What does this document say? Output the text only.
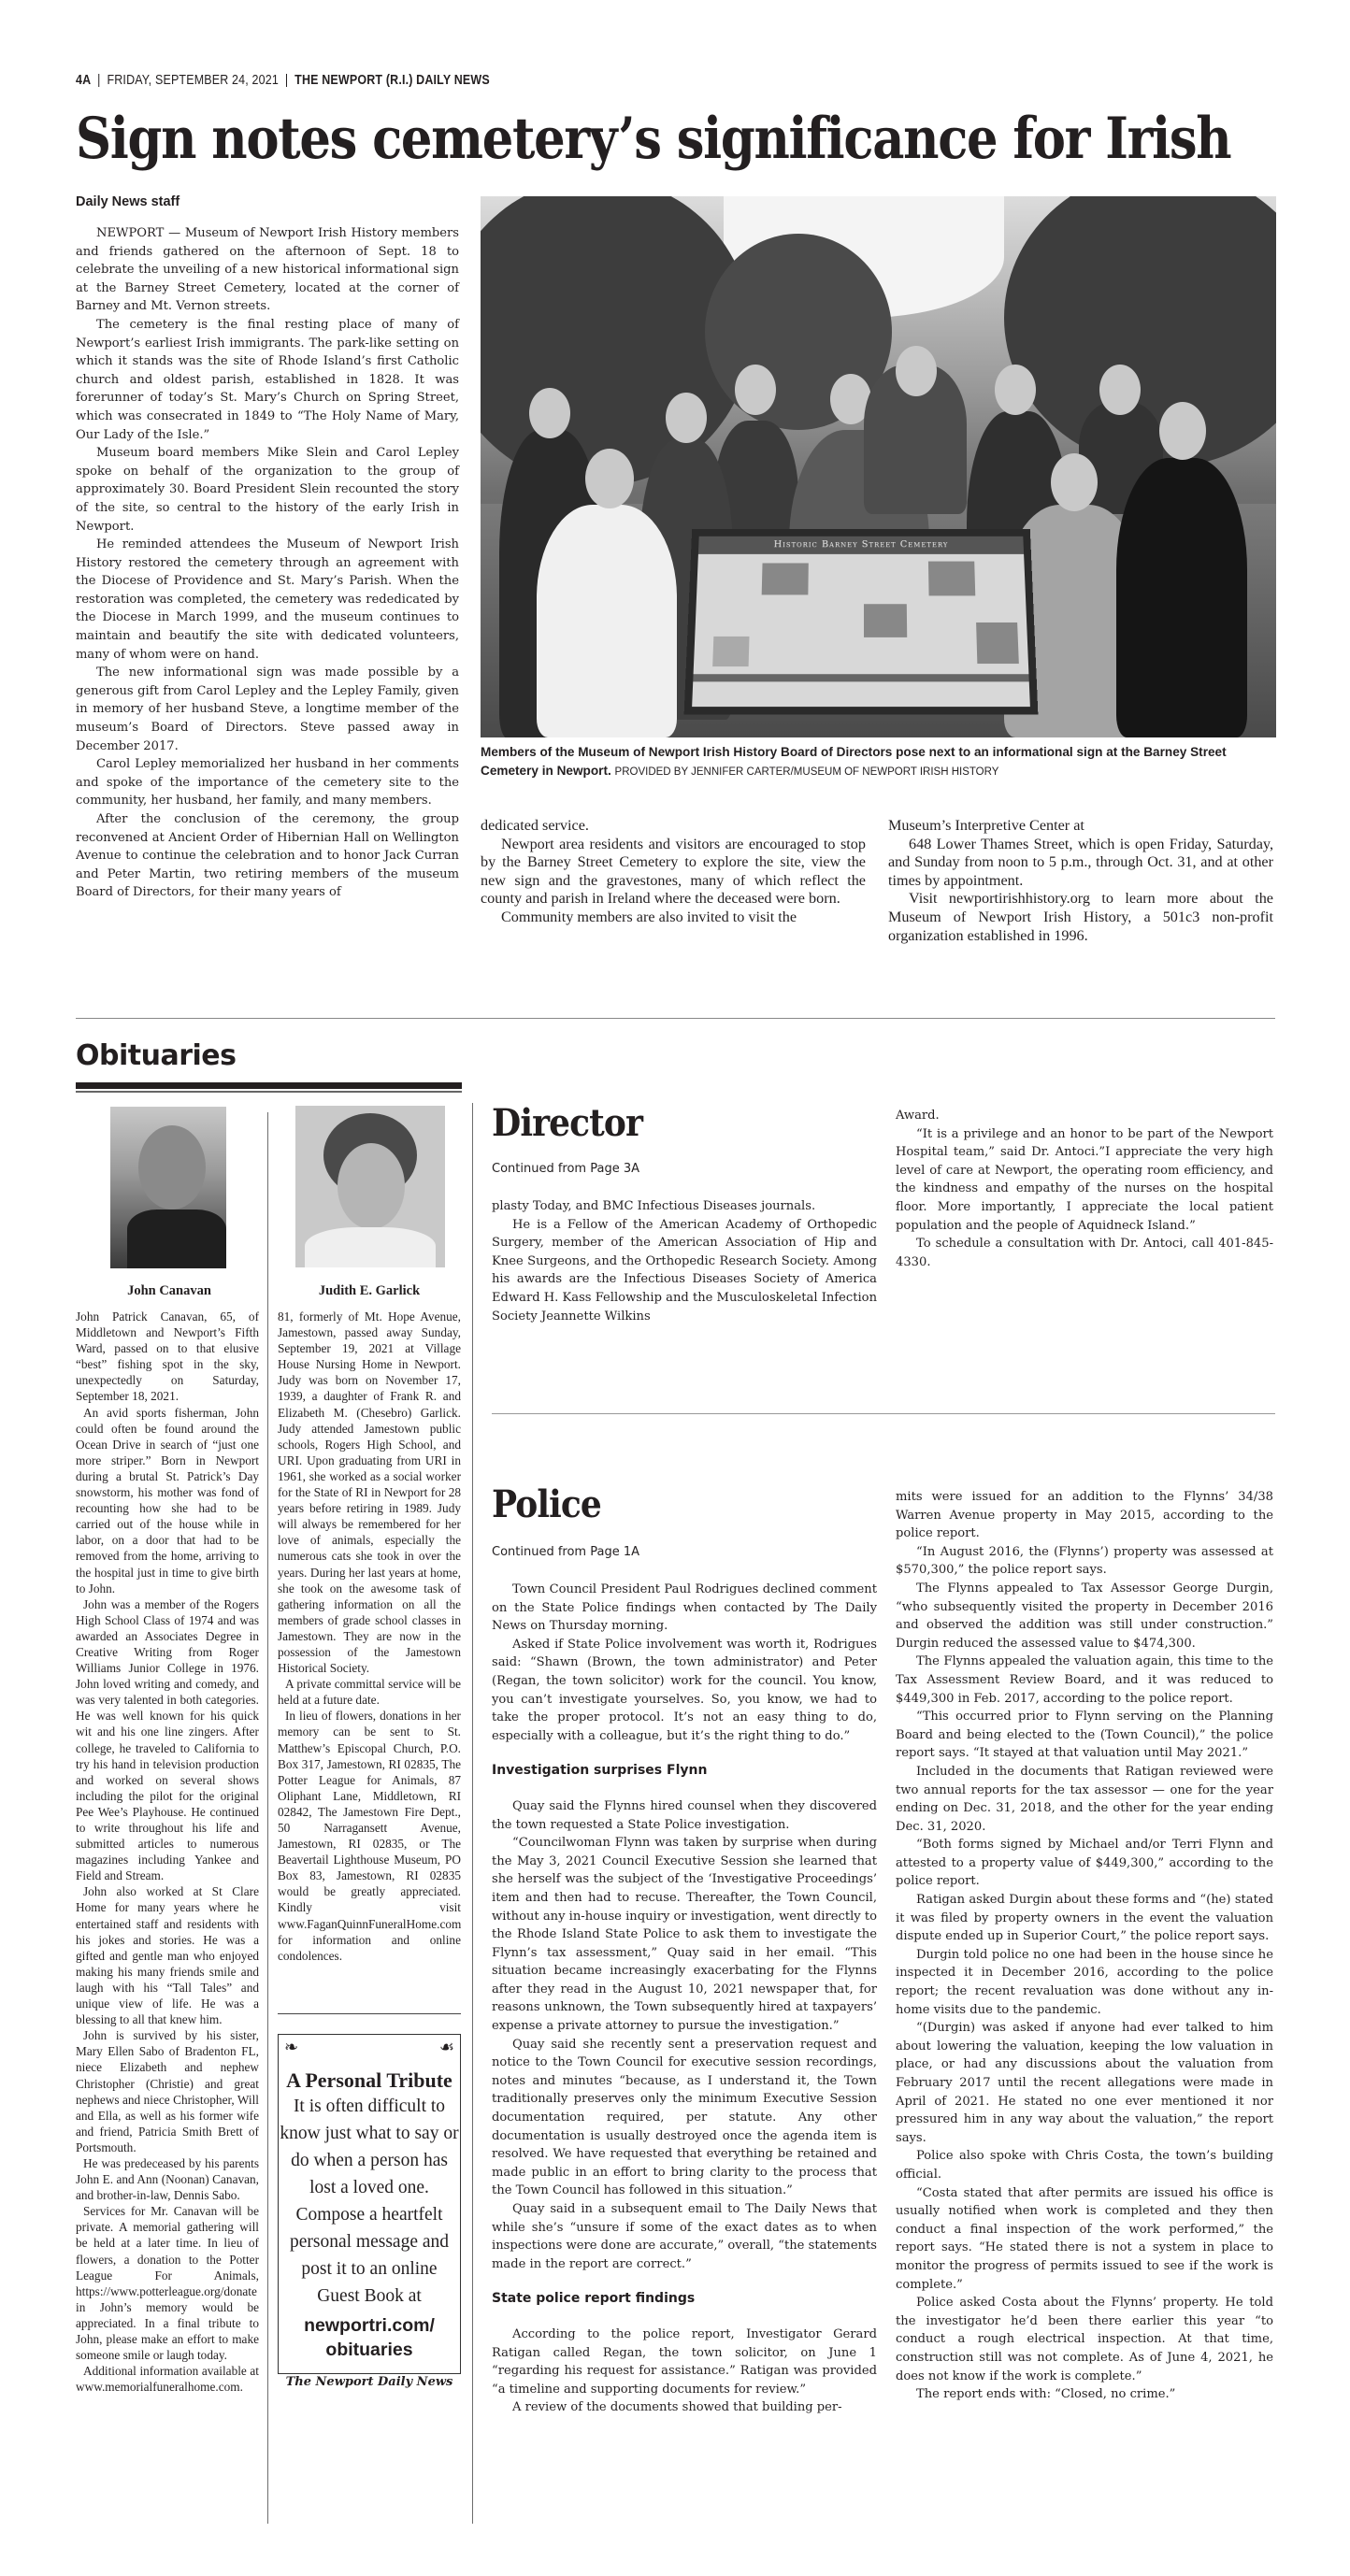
4A | FRIDAY, SEPTEMBER 24, 2021 | THE NEWPORT (R.I.) DAILY NEWS
Sign notes cemetery’s significance for Irish
Daily News staff

NEWPORT — Museum of Newport Irish History members and friends gathered on the afternoon of Sept. 18 to celebrate the unveiling of a new historical informational sign at the Barney Street Cemetery, located at the corner of Barney and Mt. Vernon streets.

The cemetery is the final resting place of many of Newport’s earliest Irish immigrants. The park-like setting on which it stands was the site of Rhode Island’s first Catholic church and oldest parish, established in 1828. It was forerunner of today’s St. Mary’s Church on Spring Street, which was consecrated in 1849 to “The Holy Name of Mary, Our Lady of the Isle.”

Museum board members Mike Slein and Carol Lepley spoke on behalf of the organization to the group of approximately 30. Board President Slein recounted the story of the site, so central to the history of the early Irish in Newport.

He reminded attendees the Museum of Newport Irish History restored the cemetery through an agreement with the Diocese of Providence and St. Mary’s Parish. When the restoration was completed, the cemetery was rededicated by the Diocese in March 1999, and the museum continues to maintain and beautify the site with dedicated volunteers, many of whom were on hand.

The new informational sign was made possible by a generous gift from Carol Lepley and the Lepley Family, given in memory of her husband Steve, a longtime member of the museum’s Board of Directors. Steve passed away in December 2017.

Carol Lepley memorialized her husband in her comments and spoke of the importance of the cemetery site to the community, her husband, her family, and many members.

After the conclusion of the ceremony, the group reconvened at Ancient Order of Hibernian Hall on Wellington Avenue to continue the celebration and to honor Jack Curran and Peter Martin, two retiring members of the museum Board of Directors, for their many years of

Historic Barney Street Cemetery
Members of the Museum of Newport Irish History Board of Directors pose next to an informational sign at the Barney Street Cemetery in Newport. PROVIDED BY JENNIFER CARTER/MUSEUM OF NEWPORT IRISH HISTORY

dedicated service.

Newport area residents and visitors are encouraged to stop by the Barney Street Cemetery to explore the site, view the new sign and the gravestones, many of which reflect the county and parish in Ireland where the deceased were born.

Community members are also invited to visit the

Museum’s Interpretive Center at

648 Lower Thames Street, which is open Friday, Saturday, and Sunday from noon to 5 p.m., through Oct. 31, and at other times by appointment.

Visit newportirishhistory.org to learn more about the Museum of Newport Irish History, a 501c3 non-profit organization established in 1996.

Obituaries
John Canavan	Judith E. Garlick

John Patrick Canavan, 65, of Middletown and Newport’s Fifth Ward, passed on to that elusive “best” fishing spot in the sky, unexpectedly on Saturday, September 18, 2021.

An avid sports fisherman, John could often be found around the Ocean Drive in search of “just one more striper.” Born in Newport during a brutal St. Patrick’s Day snowstorm, his mother was fond of recounting how she had to be carried out of the house while in labor, on a door that had to be removed from the home, arriving to the hospital just in time to give birth to John.

John was a member of the Rogers High School Class of 1974 and was awarded an Associates Degree in Creative Writing from Roger Williams Junior College in 1976. John loved writing and comedy, and was very talented in both categories. He was well known for his quick wit and his one line zingers. After college, he traveled to California to try his hand in television production and worked on several shows including the pilot for the original Pee Wee’s Playhouse. He continued to write throughout his life and submitted articles to numerous magazines including Yankee and Field and Stream.

John also worked at St Clare Home for many years where he entertained staff and residents with his jokes and stories. He was a gifted and gentle man who enjoyed making his many friends smile and laugh with his “Tall Tales” and unique view of life. He was a blessing to all that knew him.

John is survived by his sister, Mary Ellen Sabo of Bradenton FL, niece Elizabeth and nephew Christopher (Christie) and great nephews and niece Christopher, Will and Ella, as well as his former wife and friend, Patricia Smith Brett of Portsmouth.

He was predeceased by his parents John E. and Ann (Noonan) Canavan, and brother-in-law, Dennis Sabo.

Services for Mr. Canavan will be private. A memorial gathering will be held at a later time. In lieu of flowers, a donation to the Potter League For Animals, https://www.potterleague.org/donate in John’s memory would be appreciated. In a final tribute to John, please make an effort to make someone smile or laugh today.

Additional information available at www.memorialfuneralhome.com.

81, formerly of Mt. Hope Avenue, Jamestown, passed away Sunday, September 19, 2021 at Village House Nursing Home in Newport. Judy was born on November 17, 1939, a daughter of Frank R. and Elizabeth M. (Chesebro) Garlick. Judy attended Jamestown public schools, Rogers High School, and URI. Upon graduating from URI in 1961, she worked as a social worker for the State of RI in Newport for 28 years before retiring in 1989. Judy will always be remembered for her love of animals, especially the numerous cats she took in over the years. During her last years at home, she took on the awesome task of gathering information on all the members of grade school classes in Jamestown. They are now in the possession of the Jamestown Historical Society.

A private committal service will be held at a future date.

In lieu of flowers, donations in her memory can be sent to St. Matthew’s Episcopal Church, P.O. Box 317, Jamestown, RI 02835, The Potter League for Animals, 87 Oliphant Lane, Middletown, RI 02842, The Jamestown Fire Dept., 50 Narragansett Avenue, Jamestown, RI 02835, or The Beavertail Lighthouse Museum, PO Box 83, Jamestown, RI 02835 would be greatly appreciated. Kindly visit www.FaganQuinnFuneralHome.com for information and online condolences.

❧	☙
A Personal Tribute
It is often difficult to know just what to say or do when a person has lost a loved one. Compose a heartfelt personal message and post it to an online Guest Book at
newportri.com/ obituaries
The Newport Daily News
Director
Continued from Page 3A

plasty Today, and BMC Infectious Diseases journals.

He is a Fellow of the American Academy of Orthopedic Surgery, member of the American Association of Hip and Knee Surgeons, and the Orthopedic Research Society. Among his awards are the Infectious Diseases Society of America Edward H. Kass Fellowship and the Musculoskeletal Infection Society Jeannette Wilkins

Award.

“It is a privilege and an honor to be part of the Newport Hospital team,” said Dr. Antoci.”I appreciate the very high level of care at Newport, the operating room efficiency, and the kindness and empathy of the nurses on the hospital floor. More importantly, I appreciate the local patient population and the people of Aquidneck Island.”

To schedule a consultation with Dr. Antoci, call 401-845-4330.

Police
Continued from Page 1A

Town Council President Paul Rodrigues declined comment on the State Police findings when contacted by The Daily News on Thursday morning.

Asked if State Police involvement was worth it, Rodrigues said: “Shawn (Brown, the town administrator) and Peter (Regan, the town solicitor) work for the council. You know, you can’t investigate yourselves. So, you know, we had to take the proper protocol. It’s not an easy thing to do, especially with a colleague, but it’s the right thing to do.”

Investigation surprises Flynn

Quay said the Flynns hired counsel when they discovered the town requested a State Police investigation.

“Councilwoman Flynn was taken by surprise when during the May 3, 2021 Council Executive Session she learned that she herself was the subject of the ‘Investigative Proceedings’ item and then had to recuse. Thereafter, the Town Council, without any in-house inquiry or investigation, went directly to the Rhode Island State Police to ask them to investigate the Flynn’s tax assessment,” Quay said in her email. “This situation became increasingly exacerbating for the Flynns after they read in the August 10, 2021 newspaper that, for reasons unknown, the Town subsequently hired at taxpayers’ expense a private attorney to pursue the investigation.”

Quay said she recently sent a preservation request and notice to the Town Council for executive session recordings, notes and minutes “because, as I understand it, the Town traditionally preserves only the minimum Executive Session documentation required, per statute. Any other documentation is usually destroyed once the agenda item is resolved. We have requested that everything be retained and made public in an effort to bring clarity to the process that the Town Council has followed in this situation.”

Quay said in a subsequent email to The Daily News that while she’s “unsure if some of the exact dates as to when inspections were done are accurate,” overall, “the statements made in the report are correct.”

State police report findings

According to the police report, Investigator Gerard Ratigan called Regan, the town solicitor, on June 1 “regarding his request for assistance.” Ratigan was provided “a timeline and supporting documents for review.”

A review of the documents showed that building per-

mits were issued for an addition to the Flynns’ 34/38 Warren Avenue property in May 2015, according to the police report.

“In August 2016, the (Flynns’) property was assessed at $570,300,” the police report says.

The Flynns appealed to Tax Assessor George Durgin, “who subsequently visited the property in December 2016 and observed the addition was still under construction.” Durgin reduced the assessed value to $474,300.

The Flynns appealed the valuation again, this time to the Tax Assessment Review Board, and it was reduced to $449,300 in Feb. 2017, according to the police report.

“This occurred prior to Flynn serving on the Planning Board and being elected to the (Town Council),” the police report says. “It stayed at that valuation until May 2021.”

Included in the documents that Ratigan reviewed were two annual reports for the tax assessor — one for the year ending on Dec. 31, 2018, and the other for the year ending Dec. 31, 2020.

“Both forms signed by Michael and/or Terri Flynn and attested to a property value of $449,300,” according to the police report.

Ratigan asked Durgin about these forms and “(he) stated it was filed by property owners in the event the valuation dispute ended up in Superior Court,” the police report says.

Durgin told police no one had been in the house since he inspected it in December 2016, according to the police report; the recent revaluation was done without any in-home visits due to the pandemic.

“(Durgin) was asked if anyone had ever talked to him about lowering the valuation, keeping the low valuation in place, or had any discussions about the valuation from February 2017 until the recent allegations were made in April of 2021. He stated no one ever mentioned it nor pressured him in any way about the valuation,” the report says.

Police also spoke with Chris Costa, the town’s building official.

“Costa stated that after permits are issued his office is usually notified when work is completed and they then conduct a final inspection of the work performed,” the report says. “He stated there is not a system in place to monitor the progress of permits issued to see if the work is complete.”

Police asked Costa about the Flynns’ property. He told the investigator he’d been there earlier this year “to conduct a rough electrical inspection. At that time, construction still was not complete. As of June 4, 2021, he does not know if the work is complete.”

The report ends with: “Closed, no crime.”
